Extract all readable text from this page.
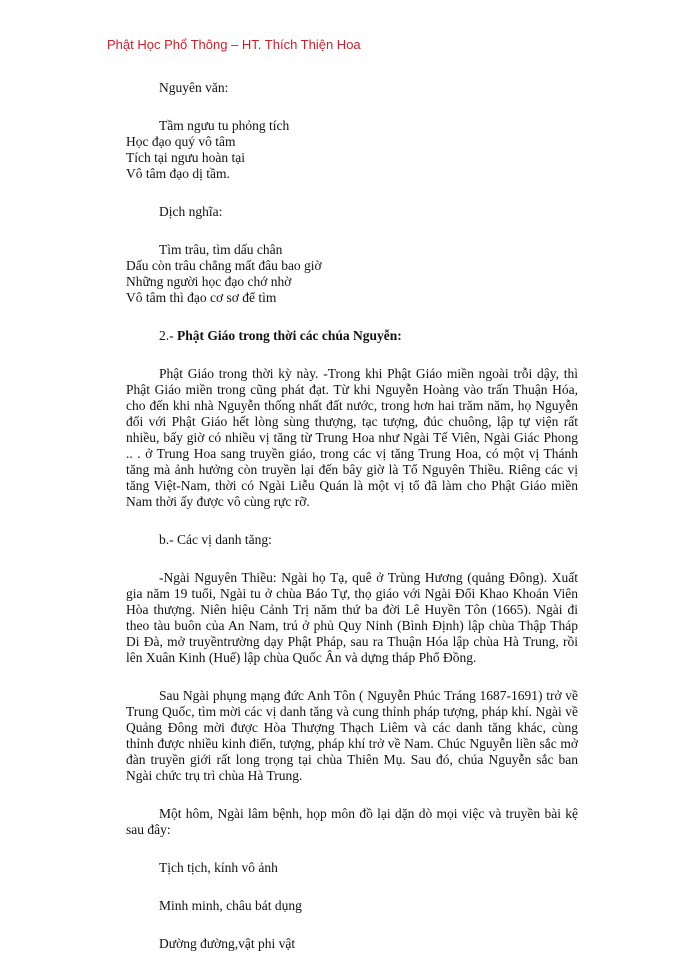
Phật Học Phổ Thông – HT. Thích Thiện Hoa
Nguyên văn:
Tầm ngưu tu phỏng tích
Học đạo quý vô tâm
Tích tại ngưu hoàn tại
Vô tâm đạo dị tầm.
Dịch nghĩa:
Tìm trâu, tìm dấu chân
Dấu còn trâu chẳng mất đâu bao giờ
Những người học đạo chớ nhờ
Vô tâm thì đạo cơ sơ để tìm
2.- Phật Giáo trong thời các chúa Nguyễn:

Phật Giáo trong thời kỳ này. -Trong khi Phật Giáo miền ngoài trỗi dậy, thì Phật Giáo miền trong cũng phát đạt. Từ khi Nguyễn Hoàng vào trấn Thuận Hóa, cho đến khi nhà Nguyễn thống nhất đất nước, trong hơn hai trăm năm, họ Nguyễn đối với Phật Giáo hết lòng sùng thượng, tạc tượng, đúc chuông, lập tự viện rất nhiều, bấy giờ có nhiều vị tăng từ Trung Hoa như Ngài Tế Viên, Ngài Giác Phong .. . ở Trung Hoa sang truyền giáo, trong các vị tăng Trung Hoa, có một vị Thánh tăng mà ảnh hưởng còn truyền lại đến bây giờ là Tổ Nguyên Thiều. Riêng các vị tăng Việt-Nam, thời có Ngài Liễu Quán là một vị tổ đã làm cho Phật Giáo miền Nam thời ấy được vô cùng rực rỡ.

b.- Các vị danh tăng:

-Ngài Nguyên Thiều: Ngài họ Tạ, quê ở Trùng Hương (quảng Đông). Xuất gia năm 19 tuổi, Ngài tu ở chùa Báo Tự, thọ giáo với Ngài Đổi Khao Khoán Viên Hòa thượng. Niên hiệu Cảnh Trị năm thứ ba đời Lê Huyền Tôn (1665). Ngài đi theo tàu buôn của An Nam, trú ở phủ Quy Ninh (Bình Định) lập chùa Thập Tháp Di Đà, mở truyềntrường dạy Phật Pháp, sau ra Thuận Hóa lập chùa Hà Trung, rồi lên Xuân Kinh (Huế) lập chùa Quốc Ân và dựng tháp Phổ Đồng.

Sau Ngài phụng mạng đức Anh Tôn ( Nguyễn Phúc Tráng 1687-1691) trở về Trung Quốc, tìm mời các vị danh tăng và cung thỉnh pháp tượng, pháp khí. Ngài về Quảng Đông mời được Hòa Thượng Thạch Liêm và các danh tăng khác, cùng thỉnh được nhiều kinh điển, tượng, pháp khí trở về Nam. Chúc Nguyễn liền sắc mở đàn truyền giới rất long trọng tại chùa Thiên Mụ. Sau đó, chúa Nguyễn sắc ban Ngài chức trụ trì chùa Hà Trung.

Một hôm, Ngài lâm bệnh, họp môn đồ lại dặn dò mọi việc và truyền bài kệ sau đây:

Tịch tịch, kính vô ảnh
Minh minh, châu bát dụng
Dường đường,vật phi vật
